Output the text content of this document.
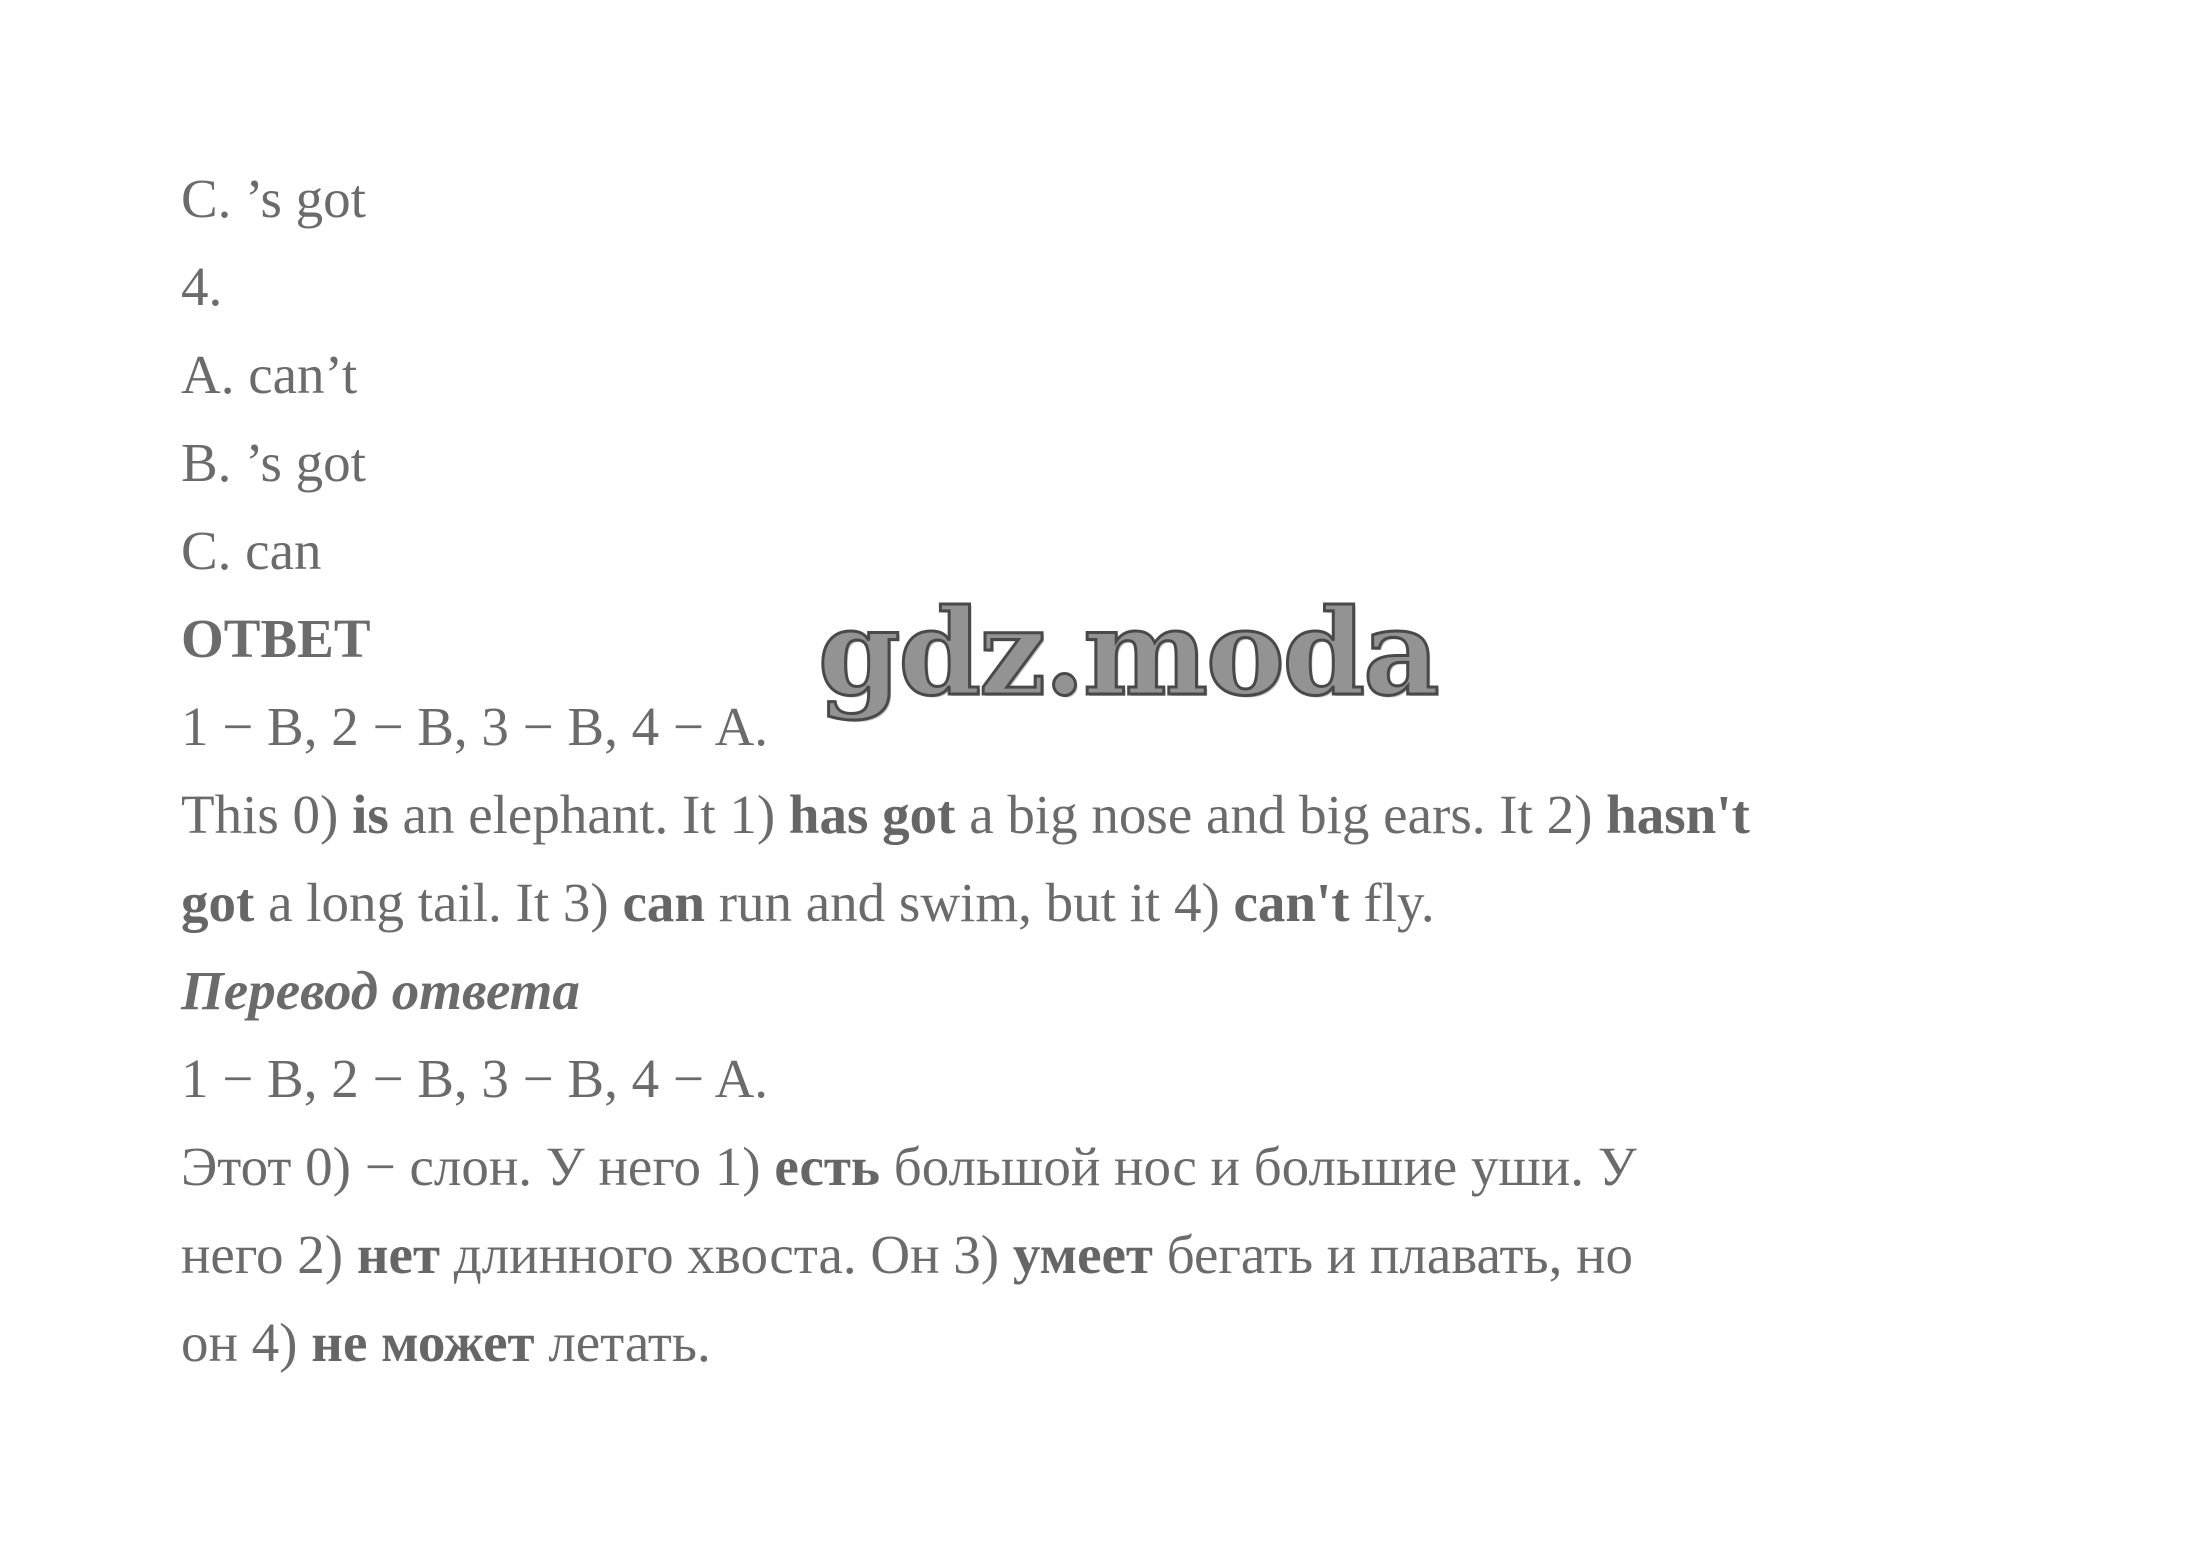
C. ’s got
4.
A. can’t
B. ’s got
C. can
ОТВЕТ
1 − B, 2 − B, 3 − B, 4 − A.
This 0) is an elephant. It 1) has got a big nose and big ears. It 2) hasn't
got a long tail. It 3) can run and swim, but it 4) can't fly.
Перевод ответа
1 − B, 2 − B, 3 − B, 4 − A.
Этот 0) − слон. У него 1) есть большой нос и большие уши. У
него 2) нет длинного хвоста. Он 3) умеет бегать и плавать, но
он 4) не может летать.
gdz.moda
